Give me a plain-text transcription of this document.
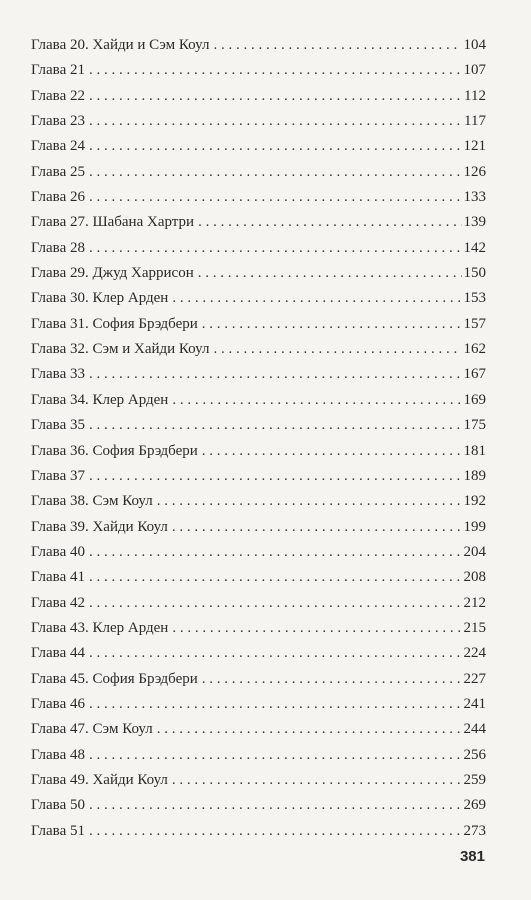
Глава 20. Хайди и Сэм Коул . . .	104
Глава 21 . . .	107
Глава 22 . . .	112
Глава 23 . . .	117
Глава 24 . . .	121
Глава 25 . . .	126
Глава 26 . . .	133
Глава 27. Шабана Хартри . . .	139
Глава 28 . . .	142
Глава 29. Джуд Харрисон . . .	150
Глава 30. Клер Арден . . .	153
Глава 31. София Брэдбери . . .	157
Глава 32. Сэм и Хайди Коул . . .	162
Глава 33 . . .	167
Глава 34. Клер Арден . . .	169
Глава 35 . . .	175
Глава 36. София Брэдбери . . .	181
Глава 37 . . .	189
Глава 38. Сэм Коул . . .	192
Глава 39. Хайди Коул . . .	199
Глава 40 . . .	204
Глава 41 . . .	208
Глава 42 . . .	212
Глава 43. Клер Арден . . .	215
Глава 44 . . .	224
Глава 45. София Брэдбери . . .	227
Глава 46 . . .	241
Глава 47. Сэм Коул . . .	244
Глава 48 . . .	256
Глава 49. Хайди Коул . . .	259
Глава 50 . . .	269
Глава 51 . . .	273
381
